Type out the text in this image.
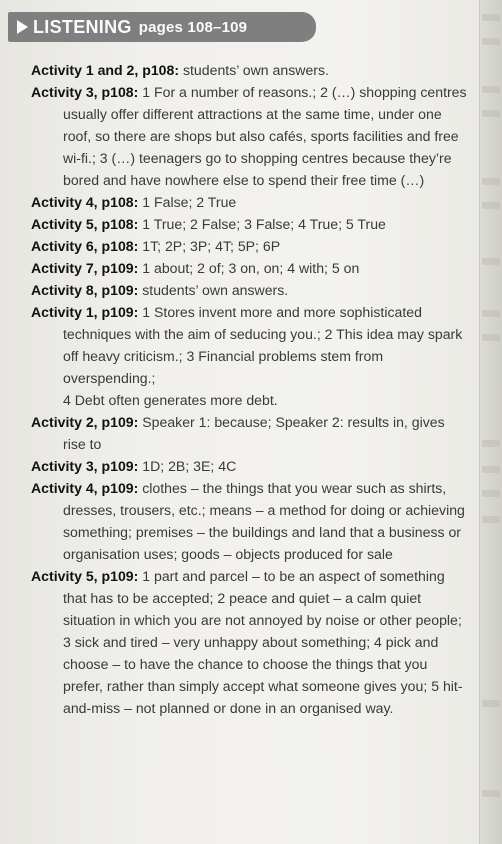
LISTENING pages 108–109

Activity 1 and 2, p108: students’ own answers.

Activity 3, p108: 1 For a number of reasons.; 2 (…) shopping centres usually offer different attractions at the same time, under one roof, so there are shops but also cafés, sports facilities and free wi-fi.; 3 (…) teenagers go to shopping centres because they’re bored and have nowhere else to spend their free time (…)

Activity 4, p108: 1 False; 2 True

Activity 5, p108: 1 True; 2 False; 3 False; 4 True; 5 True

Activity 6, p108: 1T; 2P; 3P; 4T; 5P; 6P

Activity 7, p109: 1 about; 2 of; 3 on, on; 4 with; 5 on

Activity 8, p109: students’ own answers.

Activity 1, p109: 1 Stores invent more and more sophisticated techniques with the aim of seducing you.; 2 This idea may spark off heavy criticism.; 3 Financial problems stem from overspending.;
4 Debt often generates more debt.

Activity 2, p109: Speaker 1: because; Speaker 2: results in, gives rise to

Activity 3, p109: 1D; 2B; 3E; 4C

Activity 4, p109: clothes – the things that you wear such as shirts, dresses, trousers, etc.; means – a method for doing or achieving something; premises – the buildings and land that a business or organisation uses; goods – objects produced for sale

Activity 5, p109: 1 part and parcel – to be an aspect of something that has to be accepted; 2 peace and quiet – a calm quiet situation in which you are not annoyed by noise or other people; 3 sick and tired – very unhappy about something; 4 pick and choose – to have the chance to choose the things that you prefer, rather than simply accept what someone gives you; 5 hit- and-miss – not planned or done in an organised way.
